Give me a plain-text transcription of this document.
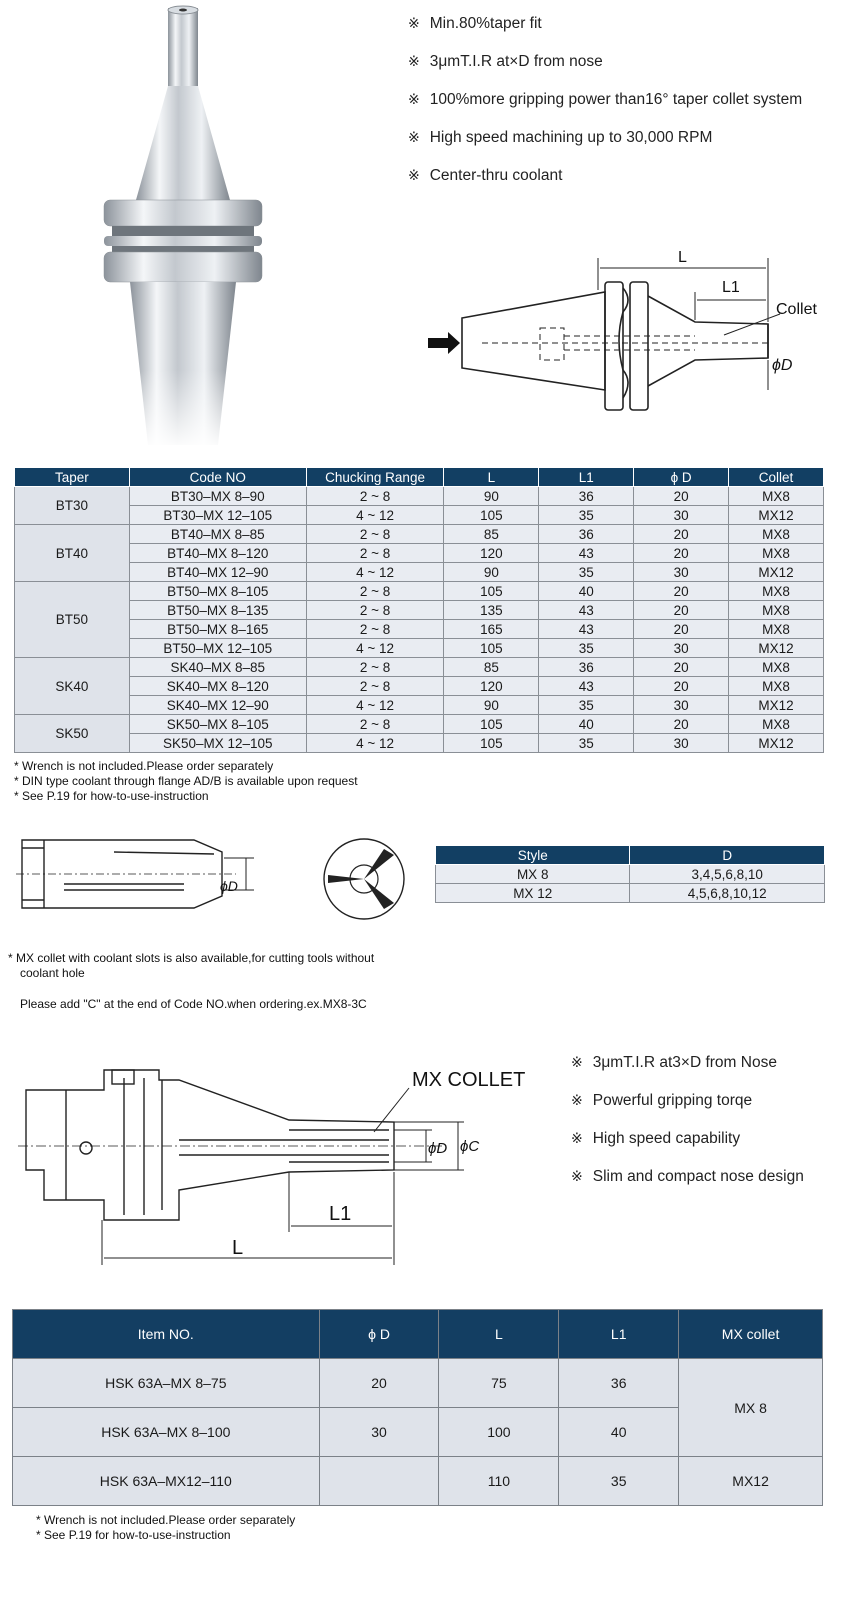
※ Min.80%taper fit
※ 3μmT.I.R at×D from nose
※ 100%more gripping power than16° taper collet system
※ High speed machining up to 30,000 RPM
※ Center-thru coolant
L
L1
Collet
ϕD
Taper	Code NO	Chucking Range	L	L1	ϕ D	Collet
BT30	BT30–MX 8–90	2 ~ 8	90	36	20	MX8
	BT30–MX 12–105	4 ~ 12	105	35	30	MX12
BT40	BT40–MX 8–85	2 ~ 8	85	36	20	MX8
	BT40–MX 8–120	2 ~ 8	120	43	20	MX8
	BT40–MX 12–90	4 ~ 12	90	35	30	MX12
BT50	BT50–MX 8–105	2 ~ 8	105	40	20	MX8
	BT50–MX 8–135	2 ~ 8	135	43	20	MX8
	BT50–MX 8–165	2 ~ 8	165	43	20	MX8
	BT50–MX 12–105	4 ~ 12	105	35	30	MX12
SK40	SK40–MX 8–85	2 ~ 8	85	36	20	MX8
	SK40–MX 8–120	2 ~ 8	120	43	20	MX8
	SK40–MX 12–90	4 ~ 12	90	35	30	MX12
SK50	SK50–MX 8–105	2 ~ 8	105	40	20	MX8
	SK50–MX 12–105	4 ~ 12	105	35	30	MX12
* Wrench is not included.Please order separately
* DIN type coolant through flange AD/B is available upon request
* See P.19 for how-to-use-instruction
ϕD
Style	D
MX 8	3,4,5,6,8,10
MX 12	4,5,6,8,10,12
* MX collet with coolant slots is also available,for cutting tools without
coolant hole
Please add "C" at the end of Code NO.when ordering.ex.MX8-3C
MX COLLET
ϕD ϕC
L1
L
※ 3μmT.I.R at3×D from Nose
※ Powerful gripping torqe
※ High speed capability
※ Slim and compact nose design
Item NO.	ϕ D	L	L1	MX collet
HSK 63A–MX 8–75	20	75	36	MX 8
HSK 63A–MX 8–100	30	100	40	
HSK 63A–MX12–110		110	35	MX12
* Wrench is not included.Please order separately
* See P.19 for how-to-use-instruction
